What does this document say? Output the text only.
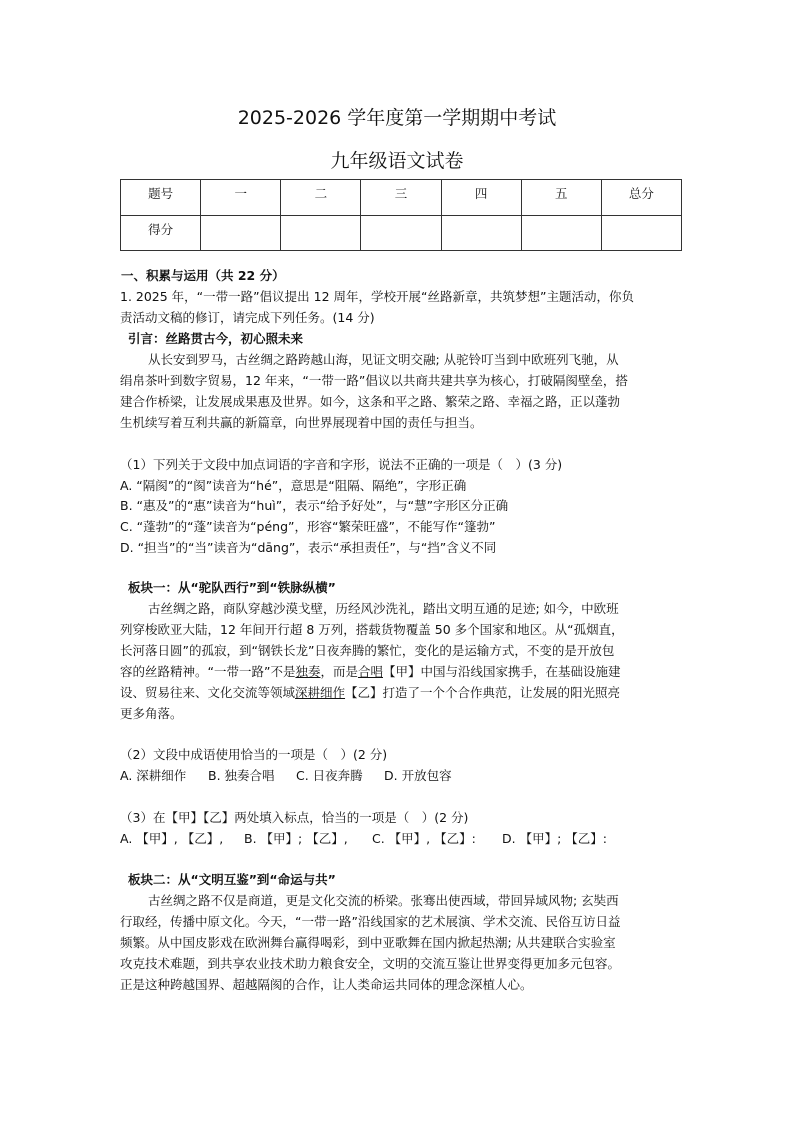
2025-2026 学年度第一学期期中考试
九年级语文试卷
题号	一	二	三	四	五	总分
得分						
一、积累与运用（共 22 分）
1. 2025 年，“一带一路”倡议提出 12 周年，学校开展“丝路新章，共筑梦想”主题活动，你负
责活动文稿的修订，请完成下列任务。(14 分)
引言：丝路贯古今，初心照未来
从长安到罗马，古丝绸之路跨越山海，见证文明交融; 从驼铃叮当到中欧班列飞驰，从
绢帛茶叶到数字贸易，12 年来，“一带一路”倡议以共商共建共享为核心，打破隔阂壁垒，搭
建合作桥梁，让发展成果惠及世界。如今，这条和平之路、繁荣之路、幸福之路，正以蓬勃
生机续写着互利共赢的新篇章，向世界展现着中国的责任与担当。
（1）下列关于文段中加点词语的字音和字形，说法不正确的一项是（　）(3 分)
A. “隔阂”的“阂”读音为“hé”，意思是“阻隔、隔绝”，字形正确
B. “惠及”的“惠”读音为“huì”，表示“给予好处”，与“慧”字形区分正确
C. “蓬勃”的“蓬”读音为“péng”，形容“繁荣旺盛”，不能写作“篷勃”
D. “担当”的“当”读音为“dāng”，表示“承担责任”，与“挡”含义不同
板块一：从“驼队西行”到“铁脉纵横”
古丝绸之路，商队穿越沙漠戈壁，历经风沙洗礼，踏出文明互通的足迹; 如今，中欧班
列穿梭欧亚大陆，12 年间开行超 8 万列，搭载货物覆盖 50 多个国家和地区。从“孤烟直，
长河落日圆”的孤寂，到“钢铁长龙”日夜奔腾的繁忙，变化的是运输方式，不变的是开放包
容的丝路精神。“一带一路”不是独奏，而是合唱【甲】中国与沿线国家携手，在基础设施建
设、贸易往来、文化交流等领域深耕细作【乙】打造了一个个合作典范，让发展的阳光照亮
更多角落。
（2）文段中成语使用恰当的一项是（　）(2 分)
A. 深耕细作 B. 独奏合唱 C. 日夜奔腾 D. 开放包容
（3）在【甲】【乙】两处填入标点，恰当的一项是（　）(2 分)
A. 【甲】, 【乙】, B. 【甲】; 【乙】, C. 【甲】, 【乙】: D. 【甲】; 【乙】:
板块二：从“文明互鉴”到“命运与共”
古丝绸之路不仅是商道，更是文化交流的桥梁。张骞出使西域，带回异域风物; 玄奘西
行取经，传播中原文化。今天，“一带一路”沿线国家的艺术展演、学术交流、民俗互访日益
频繁。从中国皮影戏在欧洲舞台赢得喝彩，到中亚歌舞在国内掀起热潮; 从共建联合实验室
攻克技术难题，到共享农业技术助力粮食安全，文明的交流互鉴让世界变得更加多元包容。
正是这种跨越国界、超越隔阂的合作，让人类命运共同体的理念深植人心。
